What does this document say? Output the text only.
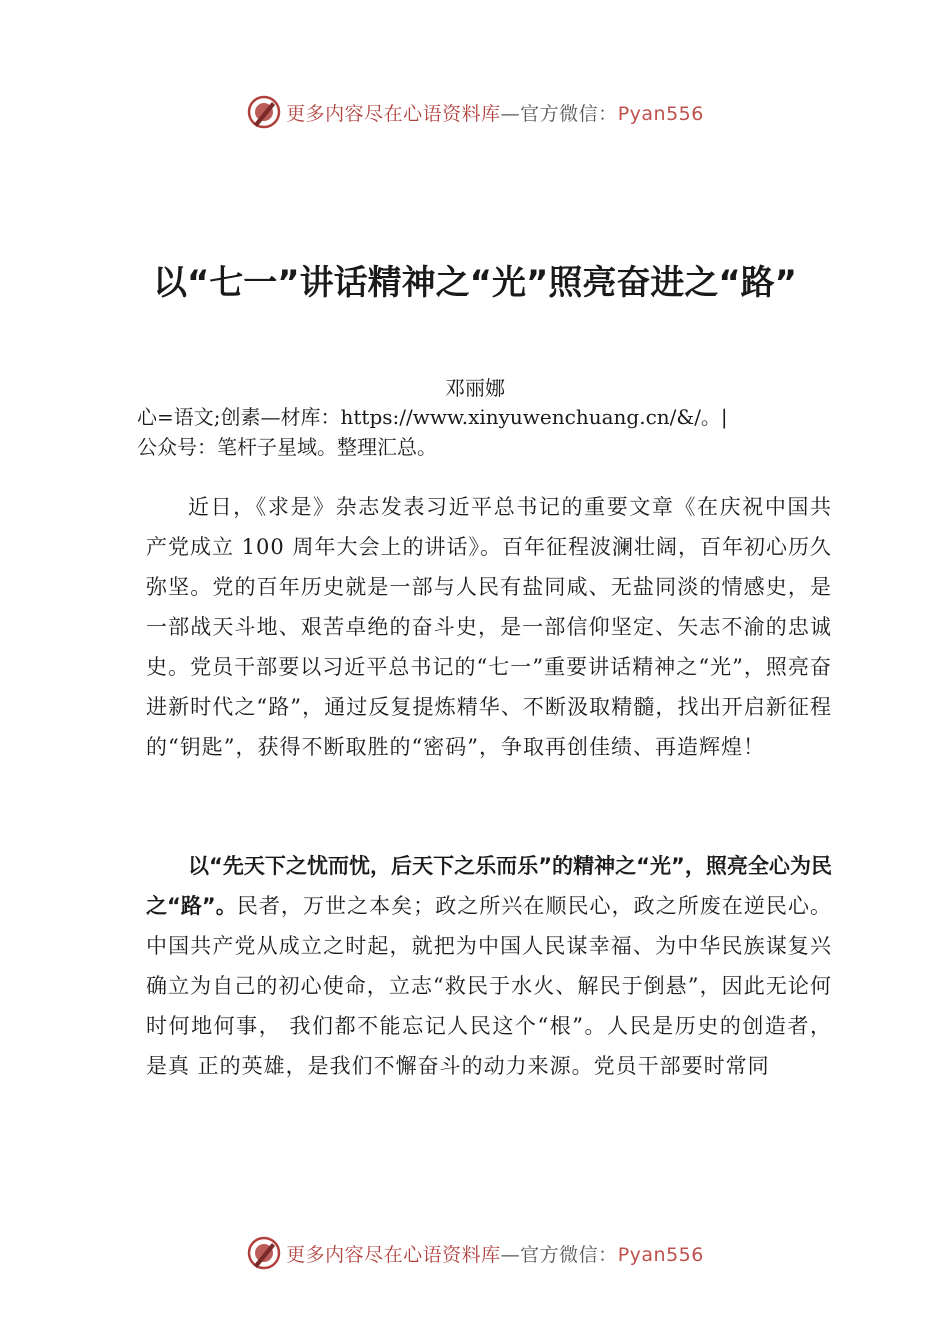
更多内容尽在心语资料库—官方微信：Pyan556
以“七一”讲话精神之“光”照亮奋进之“路”
邓丽娜

心=语文;创素—材库：https://www.xinyuwenchuang.cn/&/。|
公众号：笔杆子星域。整理汇总。

近日，《求是》杂志发表习近平总书记的重要文章《在庆祝中国共产党成立 100 周年大会上的讲话》。百年征程波澜壮阔，百年初心历久弥坚。党的百年历史就是一部与人民有盐同咸、无盐同淡的情感史，是一部战天斗地、艰苦卓绝的奋斗史，是一部信仰坚定、矢志不渝的忠诚史。党员干部要以习近平总书记的“七一”重要讲话精神之“光”，照亮奋进新时代之“路”，通过反复提炼精华、不断汲取精髓，找出开启新征程的“钥匙”，获得不断取胜的“密码”，争取再创佳绩、再造辉煌！

以“先天下之忧而忧，后天下之乐而乐”的精神之“光”，照亮全心为民之“路”。民者，万世之本矣；政之所兴在顺民心，政之所废在逆民心。中国共产党从成立之时起，就把为中国人民谋幸福、为中华民族谋复兴确立为自己的初心使命，立志“救民于水火、解民于倒悬”，因此无论何时何地何事， 我们都不能忘记人民这个“根”。人民是历史的创造者，是真 正的英雄，是我们不懈奋斗的动力来源。党员干部要时常同

更多内容尽在心语资料库—官方微信：Pyan556
